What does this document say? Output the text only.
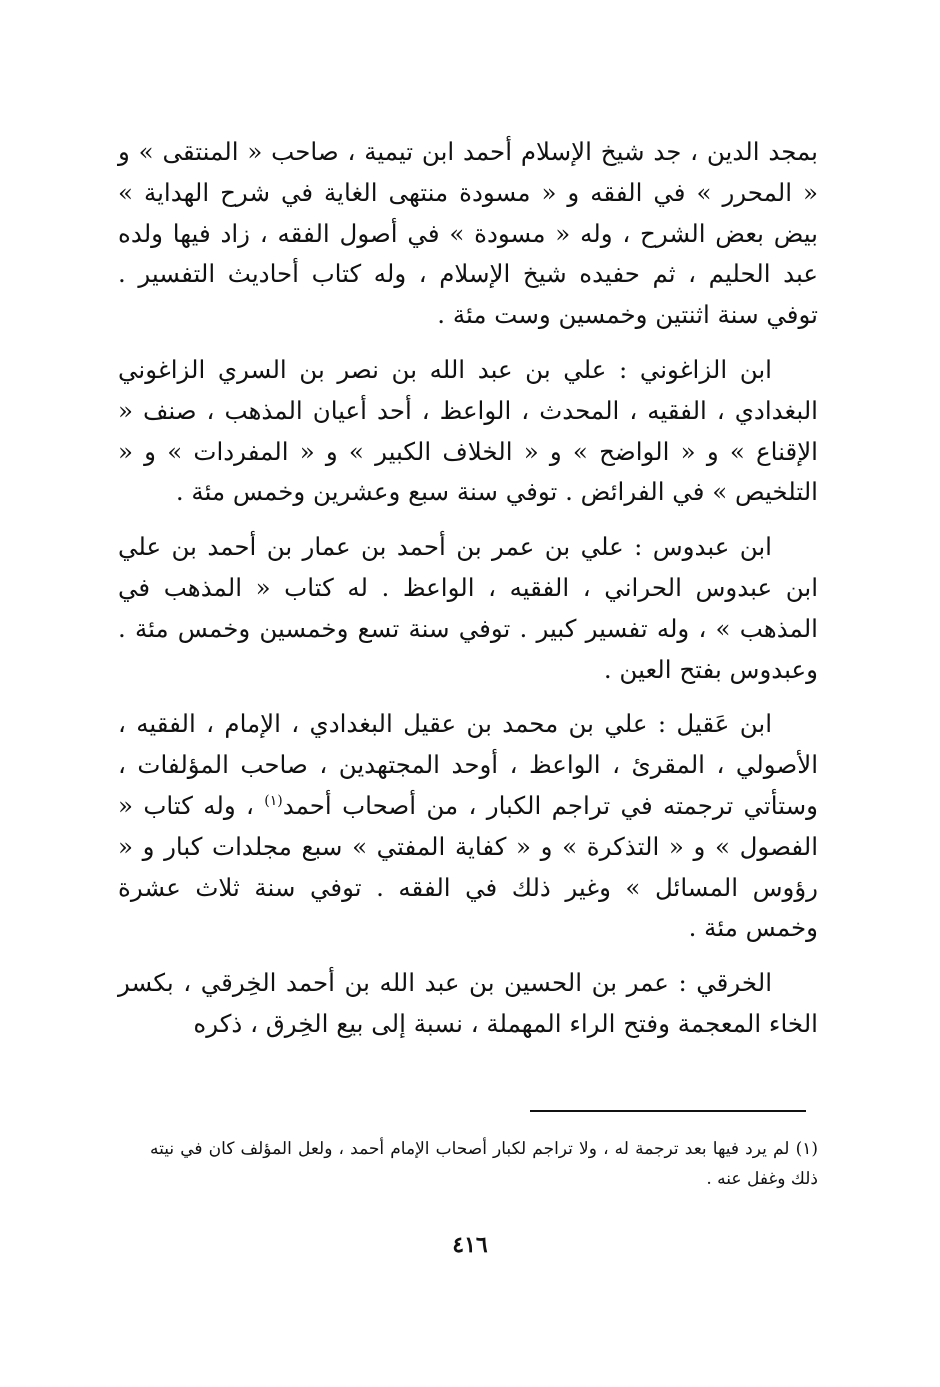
بمجد الدين ، جد شيخ الإسلام أحمد ابن تيمية ، صاحب « المنتقى » و « المحرر » في الفقه و « مسودة منتهى الغاية في شرح الهداية » بيض بعض الشرح ، وله « مسودة » في أصول الفقه ، زاد فيها ولده عبد الحليم ، ثم حفيده شيخ الإسلام ، وله كتاب أحاديث التفسير . توفي سنة اثنتين وخمسين وست مئة .

ابن الزاغوني : علي بن عبد الله بن نصر بن السري الزاغوني البغدادي ، الفقيه ، المحدث ، الواعظ ، أحد أعيان المذهب ، صنف « الإقناع » و « الواضح » و « الخلاف الكبير » و « المفردات » و « التلخيص » في الفرائض . توفي سنة سبع وعشرين وخمس مئة .

ابن عبدوس : علي بن عمر بن أحمد بن عمار بن أحمد بن علي ابن عبدوس الحراني ، الفقيه ، الواعظ . له كتاب « المذهب في المذهب » ، وله تفسير كبير . توفي سنة تسع وخمسين وخمس مئة . وعبدوس بفتح العين .

ابن عَقيل : علي بن محمد بن عقيل البغدادي ، الإمام ، الفقيه ، الأصولي ، المقرئ ، الواعظ ، أوحد المجتهدين ، صاحب المؤلفات ، وستأتي ترجمته في تراجم الكبار ، من أصحاب أحمد$^{(١)}$ ، وله كتاب « الفصول » و « التذكرة » و « كفاية المفتي » سبع مجلدات كبار و « رؤوس المسائل » وغير ذلك في الفقه . توفي سنة ثلاث عشرة وخمس مئة .

الخرقي : عمر بن الحسين بن عبد الله بن أحمد الخِرقي ، بكسر الخاء المعجمة وفتح الراء المهملة ، نسبة إلى بيع الخِرق ، ذكره

(١) لم يرد فيها بعد ترجمة له ، ولا تراجم لكبار أصحاب الإمام أحمد ، ولعل المؤلف كان في نيته ذلك وغفل عنه .

٤١٦
